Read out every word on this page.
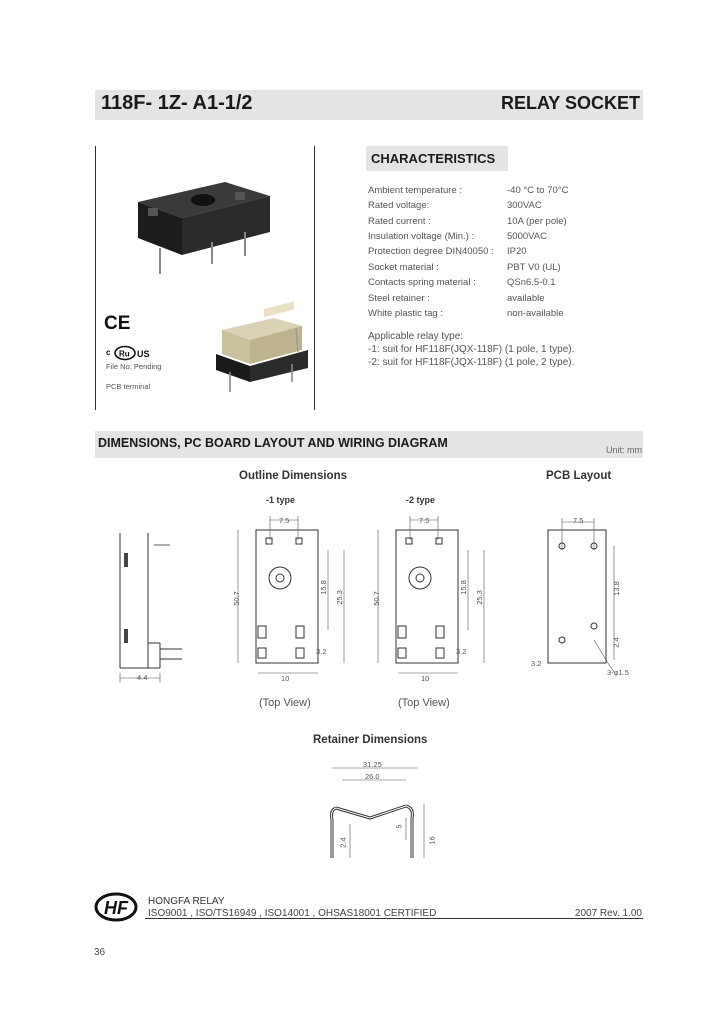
118F- 1Z- A1-1/2	RELAY SOCKET
CE
c Ru US
File No: Pending
PCB terminal
CHARACTERISTICS
Ambient temperature :	-40 °C to 70°C
Rated voltage:	300VAC
Rated current :	10A (per pole)
Insulation voltage (Min.) :	5000VAC
Protection degree DIN40050 : IP20
Socket material :	PBT V0 (UL)
Contacts spring material :	QSn6.5-0.1
Steel retainer :	available
White plastic tag :	non-available
Applicable relay type:
-1: suit for HF118F(JQX-118F) (1 pole, 1 type).
-2: suit for HF118F(JQX-118F) (1 pole, 2 type).
DIMENSIONS, PC BOARD LAYOUT AND WIRING DIAGRAM	Unit: mm
Outline Dimensions	PCB Layout
-1 type	-2 type
4.4
7.5
50.7
15.8
25.3
3.2
10
7.5
50.7
15.8
25.3
3.2
10
(Top View)	(Top View)
7.5
13.8
2.4
3.2
3-φ1.5
Retainer Dimensions
31.25
26.0
2.4
5
16
HF HONGFA RELAY
ISO9001 , ISO/TS16949 , ISO14001 , OHSAS18001 CERTIFIED	2007 Rev. 1.00
36
